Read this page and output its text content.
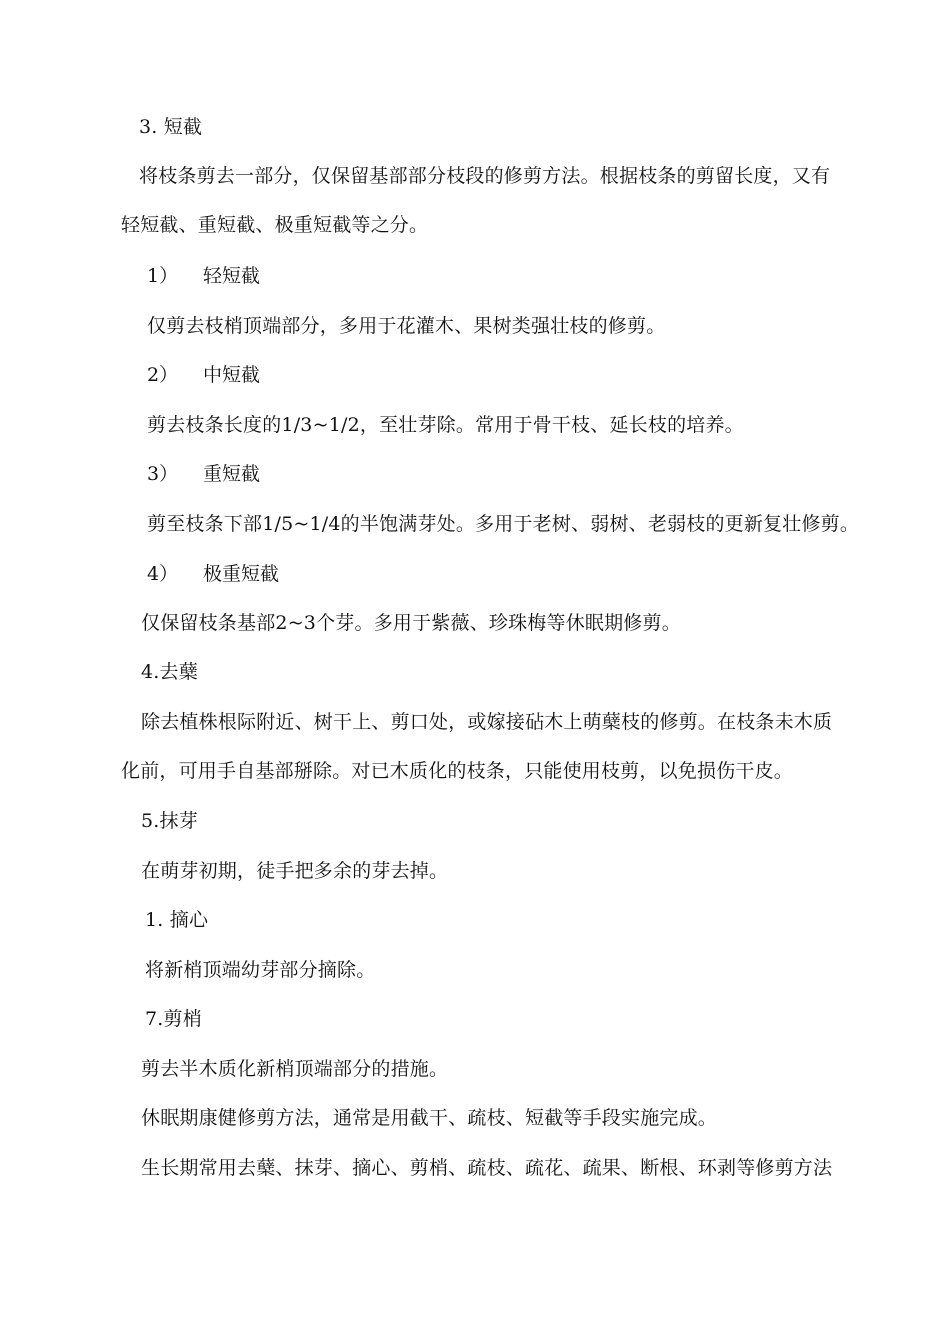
3. 短截
将枝条剪去一部分，仅保留基部部分枝段的修剪方法。根据枝条的剪留长度，又有
轻短截、重短截、极重短截等之分。
1） 轻短截
仅剪去枝梢顶端部分，多用于花灌木、果树类强壮枝的修剪。
2） 中短截
剪去枝条长度的1/3~1/2，至壮芽除。常用于骨干枝、延长枝的培养。
3） 重短截
剪至枝条下部1/5~1/4的半饱满芽处。多用于老树、弱树、老弱枝的更新复壮修剪。
4） 极重短截
仅保留枝条基部2~3个芽。多用于紫薇、珍珠梅等休眠期修剪。
4.去蘖
除去植株根际附近、树干上、剪口处，或嫁接砧木上萌蘖枝的修剪。在枝条未木质
化前，可用手自基部掰除。对已木质化的枝条，只能使用枝剪，以免损伤干皮。
5.抹芽
在萌芽初期，徒手把多余的芽去掉。
1. 摘心
将新梢顶端幼芽部分摘除。
7.剪梢
剪去半木质化新梢顶端部分的措施。
休眠期康健修剪方法，通常是用截干、疏枝、短截等手段实施完成。
生长期常用去蘖、抹芽、摘心、剪梢、疏枝、疏花、疏果、断根、环剥等修剪方法
